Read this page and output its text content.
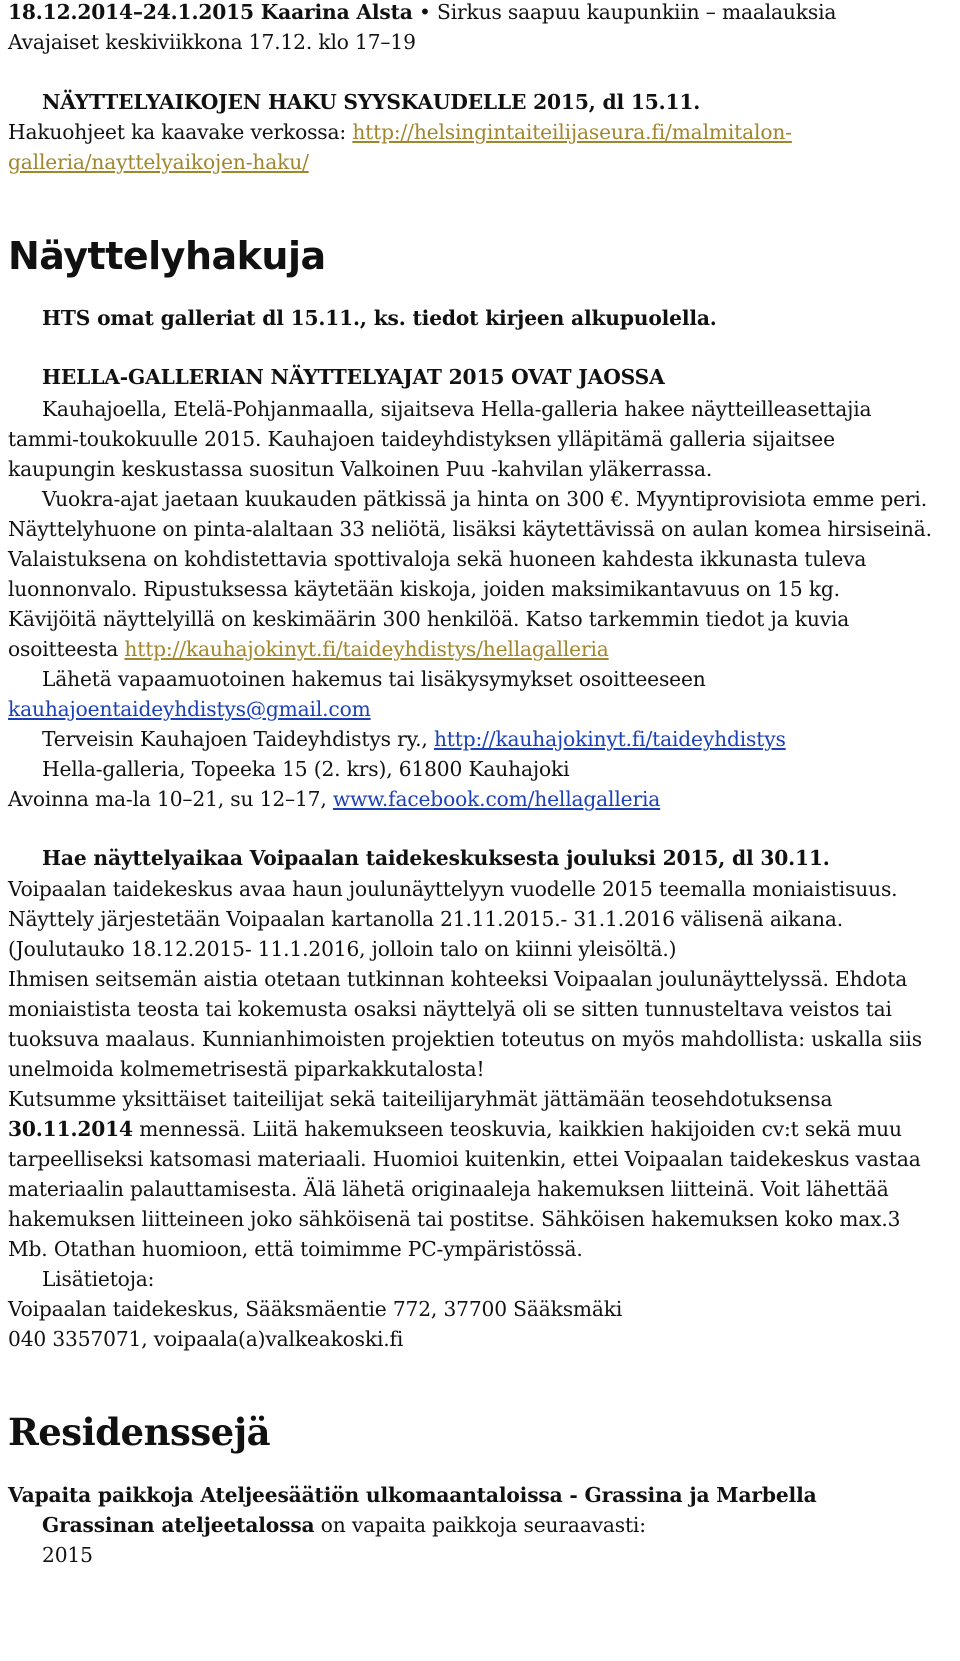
18.12.2014–24.1.2015 Kaarina Alsta • Sirkus saapuu kaupunkiin – maalauksia
Avajaiset keskiviikkona 17.12. klo 17–19
NÄYTTELYAIKOJEN HAKU SYYSKAUDELLE 2015, dl 15.11.
Hakuohjeet ka kaavake verkossa: http://helsingintaiteilijaseura.fi/malmitalon-
galleria/nayttelyaikojen-haku/
Näyttelyhakuja
HTS omat galleriat dl 15.11., ks. tiedot kirjeen alkupuolella.
HELLA-GALLERIAN NÄYTTELYAJAT 2015 OVAT JAOSSA
Kauhajoella, Etelä-Pohjanmaalla, sijaitseva Hella-galleria hakee näytteilleasettajia
tammi-toukokuulle 2015. Kauhajoen taideyhdistyksen ylläpitämä galleria sijaitsee
kaupungin keskustassa suositun Valkoinen Puu -kahvilan yläkerrassa.
Vuokra-ajat jaetaan kuukauden pätkissä ja hinta on 300 €. Myyntiprovisiota emme peri.
Näyttelyhuone on pinta-alaltaan 33 neliötä, lisäksi käytettävissä on aulan komea hirsiseinä.
Valaistuksena on kohdistettavia spottivaloja sekä huoneen kahdesta ikkunasta tuleva
luonnonvalo. Ripustuksessa käytetään kiskoja, joiden maksimikantavuus on 15 kg.
Kävijöitä näyttelyillä on keskimäärin 300 henkilöä. Katso tarkemmin tiedot ja kuvia
osoitteesta http://kauhajokinyt.fi/taideyhdistys/hellagalleria
Lähetä vapaamuotoinen hakemus tai lisäkysymykset osoitteeseen
kauhajoentaideyhdistys@gmail.com
Terveisin Kauhajoen Taideyhdistys ry., http://kauhajokinyt.fi/taideyhdistys
Hella-galleria, Topeeka 15 (2. krs), 61800 Kauhajoki
Avoinna ma-la 10–21, su 12–17, www.facebook.com/hellagalleria
Hae näyttelyaikaa Voipaalan taidekeskuksesta jouluksi 2015, dl 30.11.
Voipaalan taidekeskus avaa haun joulunäyttelyyn vuodelle 2015 teemalla moniaistisuus.
Näyttely järjestetään Voipaalan kartanolla 21.11.2015.- 31.1.2016 välisenä aikana.
(Joulutauko 18.12.2015- 11.1.2016, jolloin talo on kiinni yleisöltä.)
Ihmisen seitsemän aistia otetaan tutkinnan kohteeksi Voipaalan joulunäyttelyssä. Ehdota
moniaistista teosta tai kokemusta osaksi näyttelyä oli se sitten tunnusteltava veistos tai
tuoksuva maalaus. Kunnianhimoisten projektien toteutus on myös mahdollista: uskalla siis
unelmoida kolmemetrisestä piparkakkutalosta!
Kutsumme yksittäiset taiteilijat sekä taiteilijaryhmät jättämään teosehdotuksensa
30.11.2014 mennessä. Liitä hakemukseen teoskuvia, kaikkien hakijoiden cv:t sekä muu
tarpeelliseksi katsomasi materiaali. Huomioi kuitenkin, ettei Voipaalan taidekeskus vastaa
materiaalin palauttamisesta. Älä lähetä originaaleja hakemuksen liitteinä. Voit lähettää
hakemuksen liitteineen joko sähköisenä tai postitse. Sähköisen hakemuksen koko max.3
Mb. Otathan huomioon, että toimimme PC-ympäristössä.
Lisätietoja:
Voipaalan taidekeskus, Sääksmäentie 772, 37700 Sääksmäki
040 3357071, voipaala(a)valkeakoski.fi
Residenssejä
Vapaita paikkoja Ateljeesäätiön ulkomaantaloissa - Grassina ja Marbella
Grassinan ateljeetalossa on vapaita paikkoja seuraavasti:
2015
